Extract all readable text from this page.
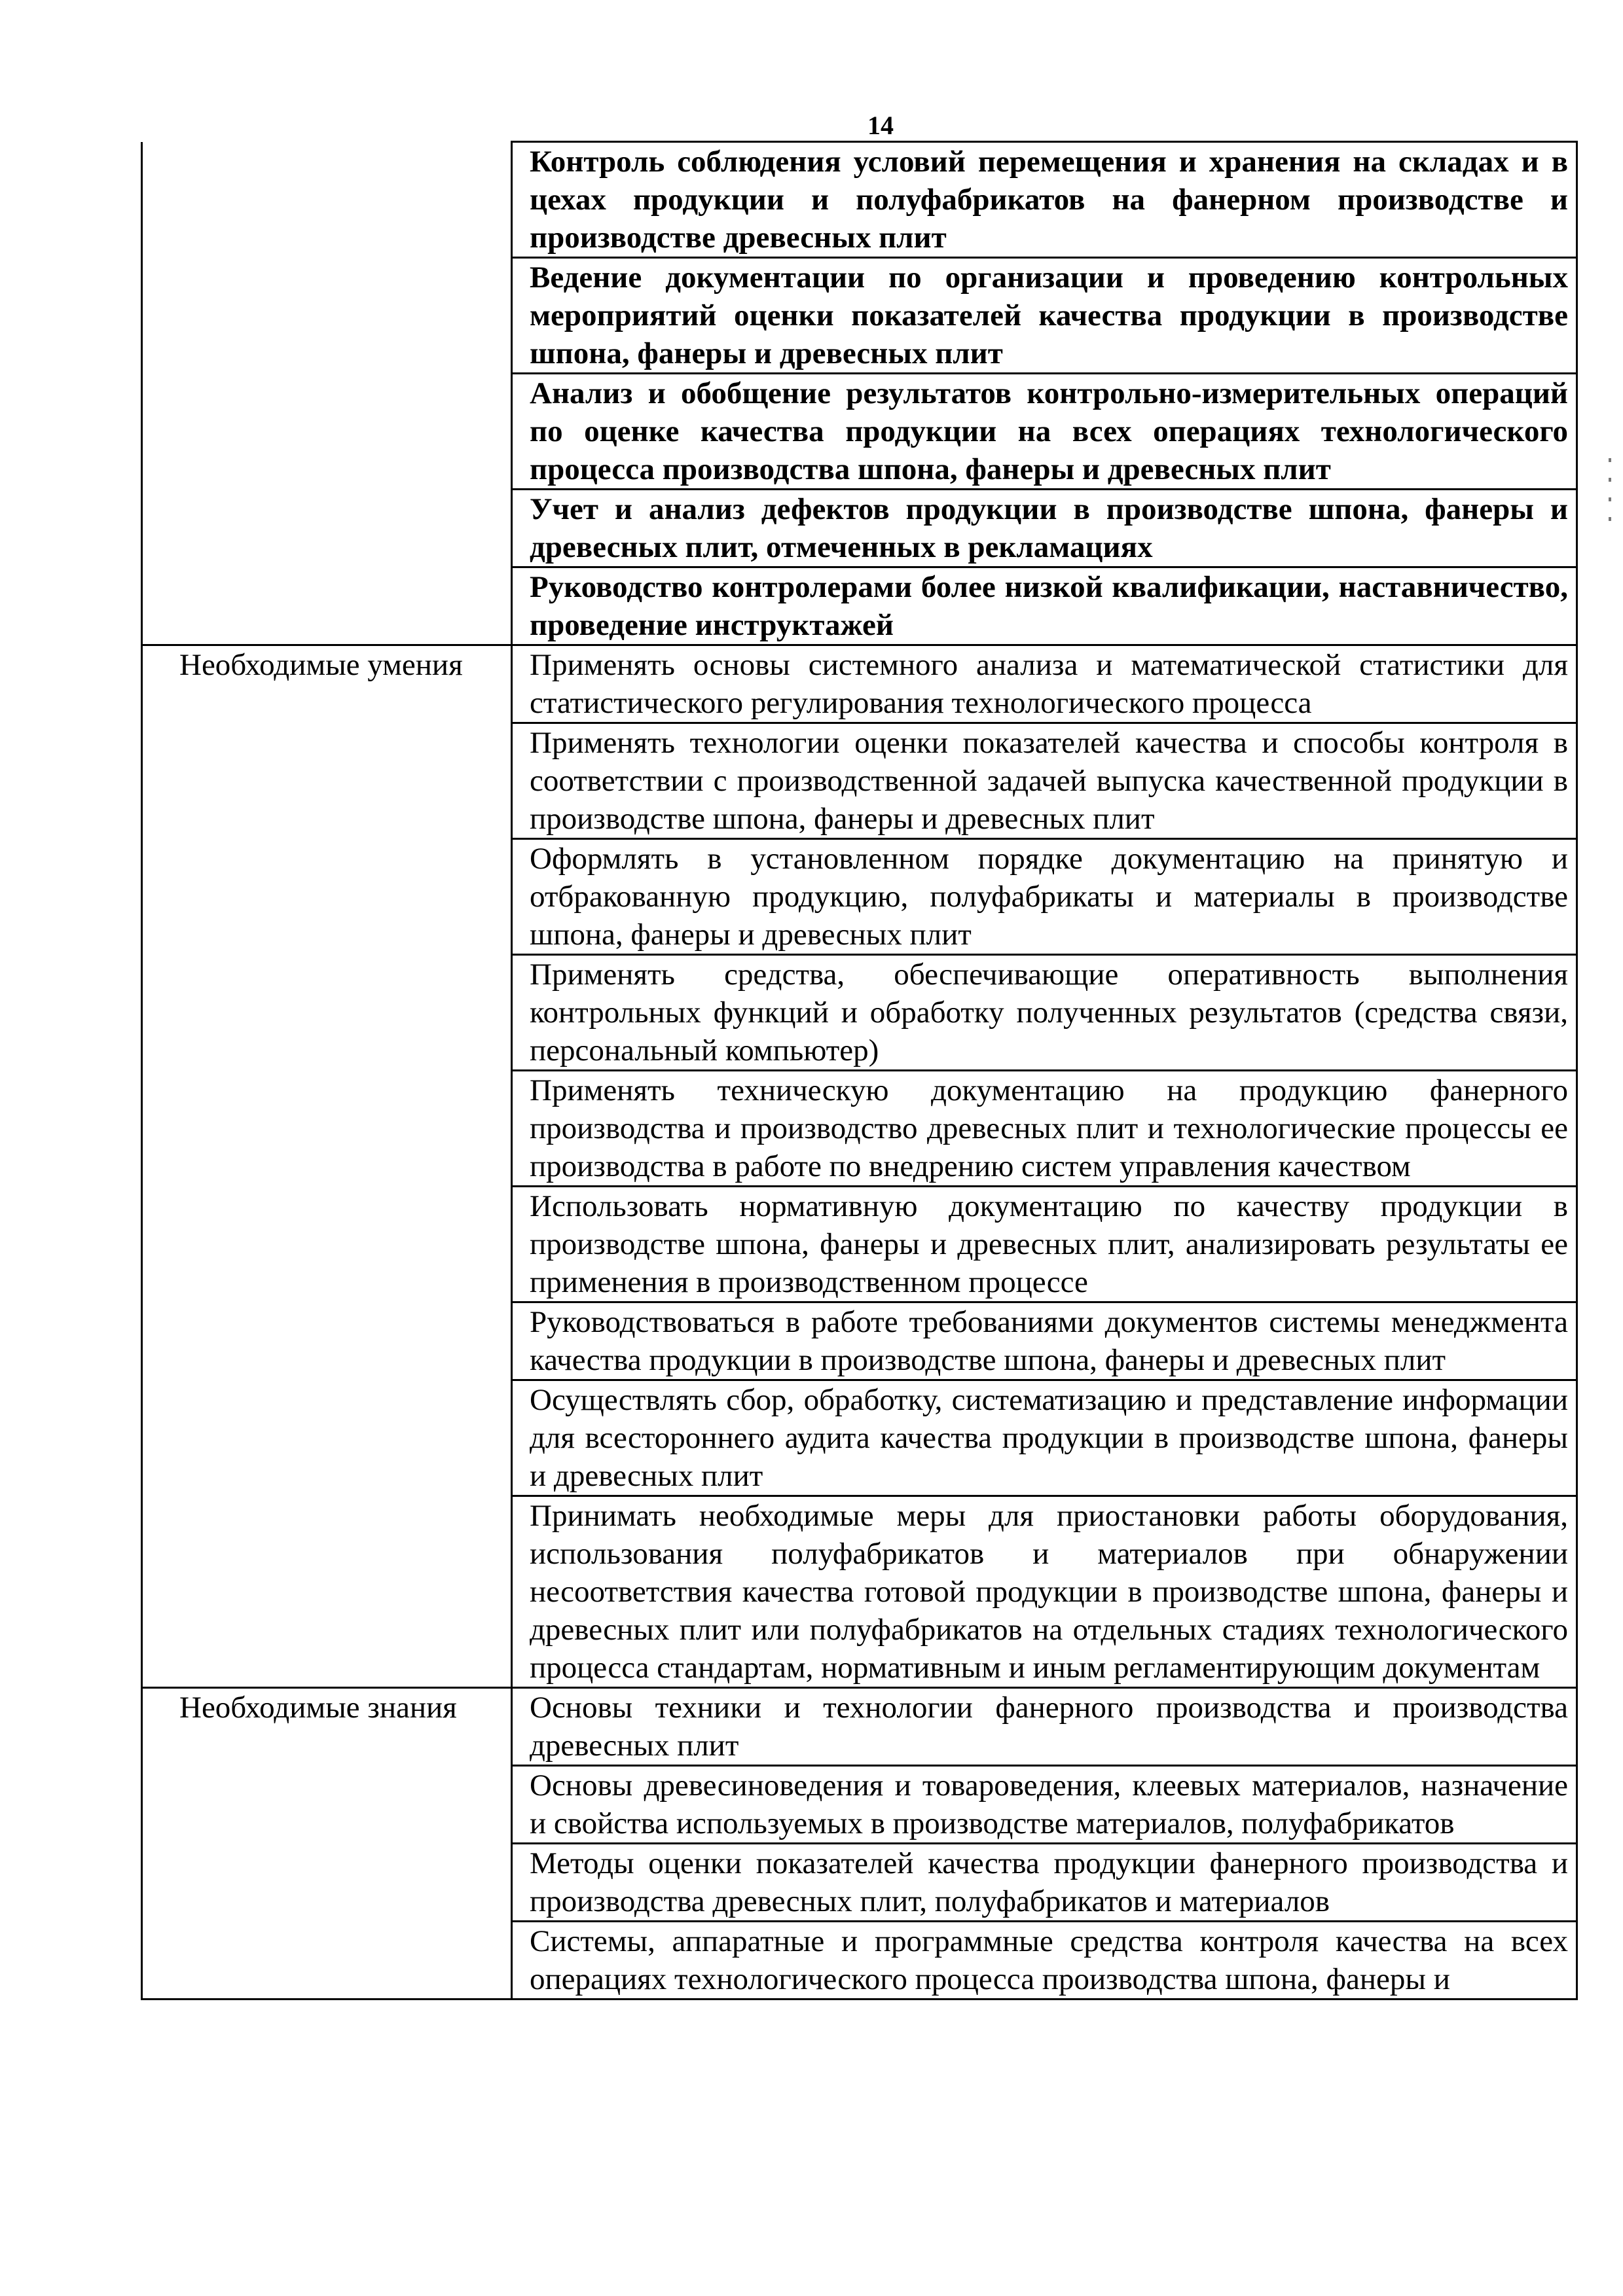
14
	Контроль соблюдения условий перемещения и хранения на складах и в цехах продукции и полуфабрикатов на фанерном производстве и производстве древесных плит
	Ведение документации по организации и проведению контрольных мероприятий оценки показателей качества продукции в производстве шпона, фанеры и древесных плит
	Анализ и обобщение результатов контрольно-измерительных операций по оценке качества продукции на всех операциях технологического процесса производства шпона, фанеры и древесных плит
	Учет и анализ дефектов продукции в производстве шпона, фанеры и древесных плит, отмеченных в рекламациях
	Руководство контролерами более низкой квалификации, наставничество, проведение инструктажей
Необходимые умения	Применять основы системного анализа и математической статистики для статистического регулирования технологического процесса
	Применять технологии оценки показателей качества и способы контроля в соответствии с производственной задачей выпуска качественной продукции в производстве шпона, фанеры и древесных плит
	Оформлять в установленном порядке документацию на принятую и отбракованную продукцию, полуфабрикаты и материалы в производстве шпона, фанеры и древесных плит
	Применять средства, обеспечивающие оперативность выполнения контрольных функций и обработку полученных результатов (средства связи, персональный компьютер)
	Применять техническую документацию на продукцию фанерного производства и производство древесных плит и технологические процессы ее производства в работе по внедрению систем управления качеством
	Использовать нормативную документацию по качеству продукции в производстве шпона, фанеры и древесных плит, анализировать результаты ее применения в производственном процессе
	Руководствоваться в работе требованиями документов системы менеджмента качества продукции в производстве шпона, фанеры и древесных плит
	Осуществлять сбор, обработку, систематизацию и представление информации для всестороннего аудита качества продукции в производстве шпона, фанеры и древесных плит
	Принимать необходимые меры для приостановки работы оборудования, использования полуфабрикатов и материалов при обнаружении несоответствия качества готовой продукции в производстве шпона, фанеры и древесных плит или полуфабрикатов на отдельных стадиях технологического процесса стандартам, нормативным и иным регламентирующим документам
Необходимые знания	Основы техники и технологии фанерного производства и производства древесных плит
	Основы древесиноведения и товароведения, клеевых материалов, назначение и свойства используемых в производстве материалов, полуфабрикатов
	Методы оценки показателей качества продукции фанерного производства и производства древесных плит, полуфабрикатов и материалов
	Системы, аппаратные и программные средства контроля качества на всех операциях технологического процесса производства шпона, фанеры и
